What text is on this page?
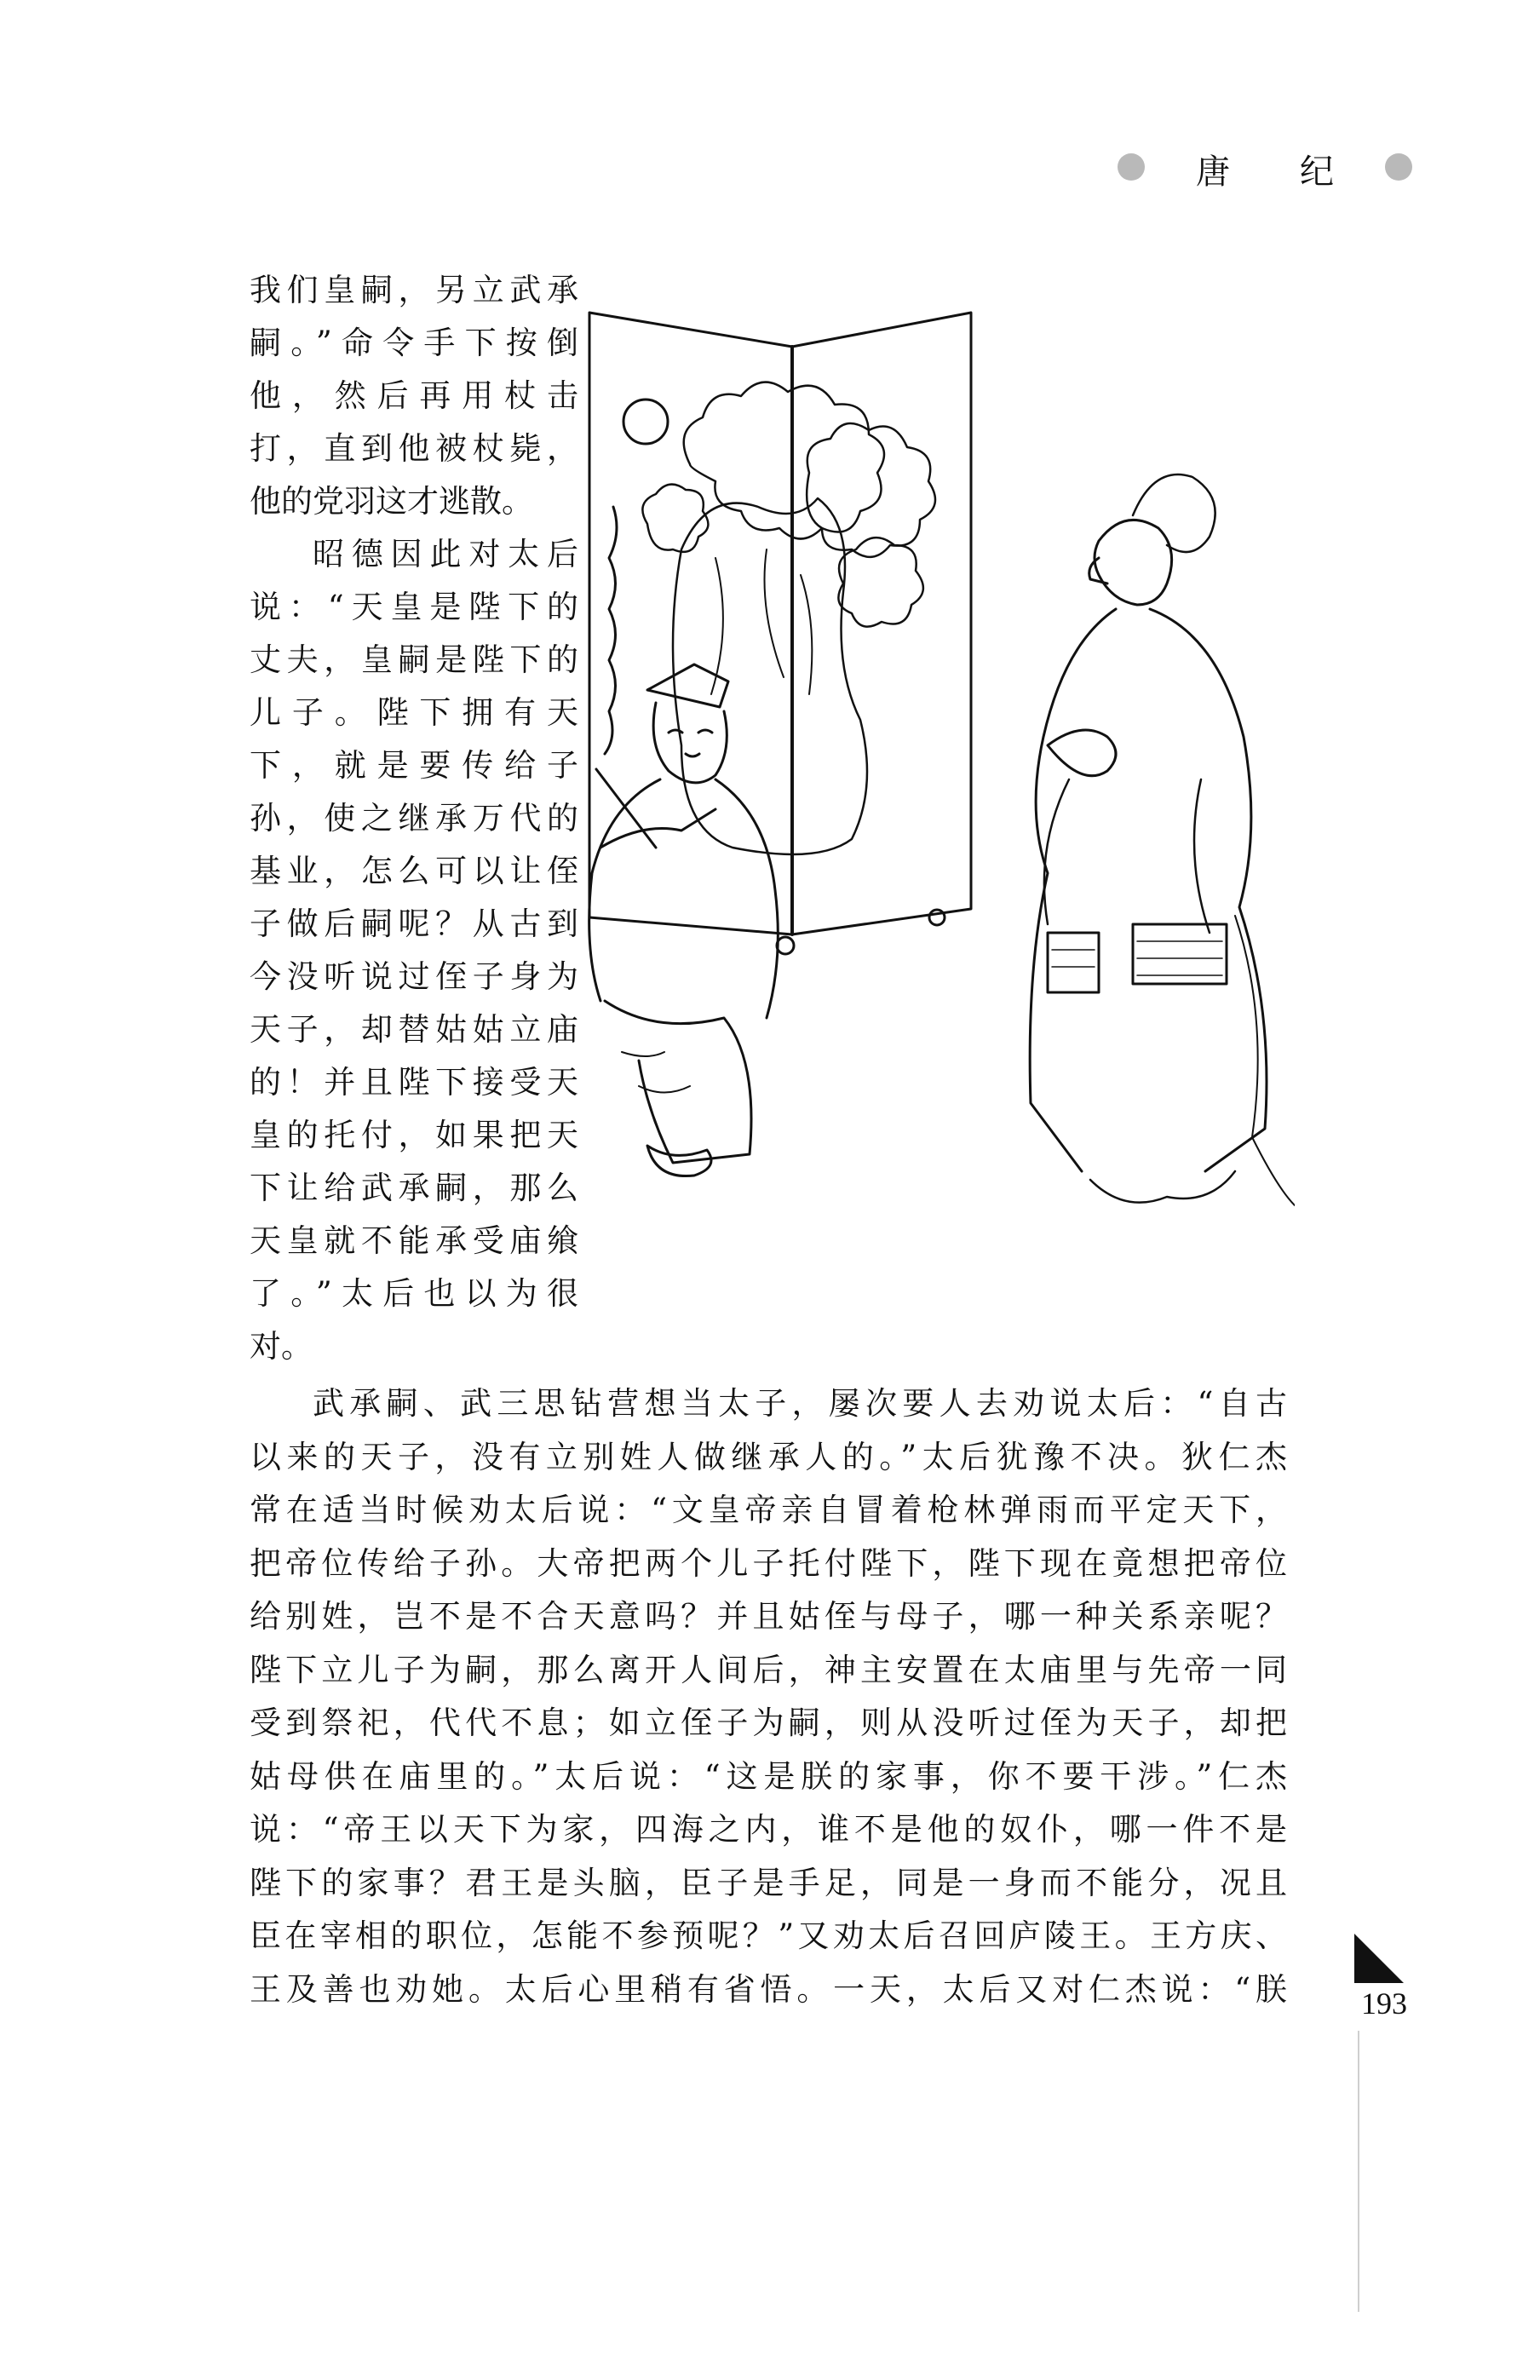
唐 纪
我们皇嗣，另立武承
嗣。”命令手下按倒
他，然后再用杖击
打，直到他被杖毙，
他的党羽这才逃散。
昭德因此对太后
说：“天皇是陛下的
丈夫，皇嗣是陛下的
儿子。陛下拥有天
下，就是要传给子
孙，使之继承万代的
基业，怎么可以让侄
子做后嗣呢？从古到
今没听说过侄子身为
天子，却替姑姑立庙
的！并且陛下接受天
皇的托付，如果把天
下让给武承嗣，那么
天皇就不能承受庙飨
了。”太后也以为很
对。
武承嗣、武三思钻营想当太子，屡次要人去劝说太后：“自古
以来的天子，没有立别姓人做继承人的。”太后犹豫不决。狄仁杰
常在适当时候劝太后说：“文皇帝亲自冒着枪林弹雨而平定天下，
把帝位传给子孙。大帝把两个儿子托付陛下，陛下现在竟想把帝位
给别姓，岂不是不合天意吗？并且姑侄与母子，哪一种关系亲呢？
陛下立儿子为嗣，那么离开人间后，神主安置在太庙里与先帝一同
受到祭祀，代代不息；如立侄子为嗣，则从没听过侄为天子，却把
姑母供在庙里的。”太后说：“这是朕的家事，你不要干涉。”仁杰
说：“帝王以天下为家，四海之内，谁不是他的奴仆，哪一件不是
陛下的家事？君王是头脑，臣子是手足，同是一身而不能分，况且
臣在宰相的职位，怎能不参预呢？”又劝太后召回庐陵王。王方庆、
王及善也劝她。太后心里稍有省悟。一天，太后又对仁杰说：“朕 193
